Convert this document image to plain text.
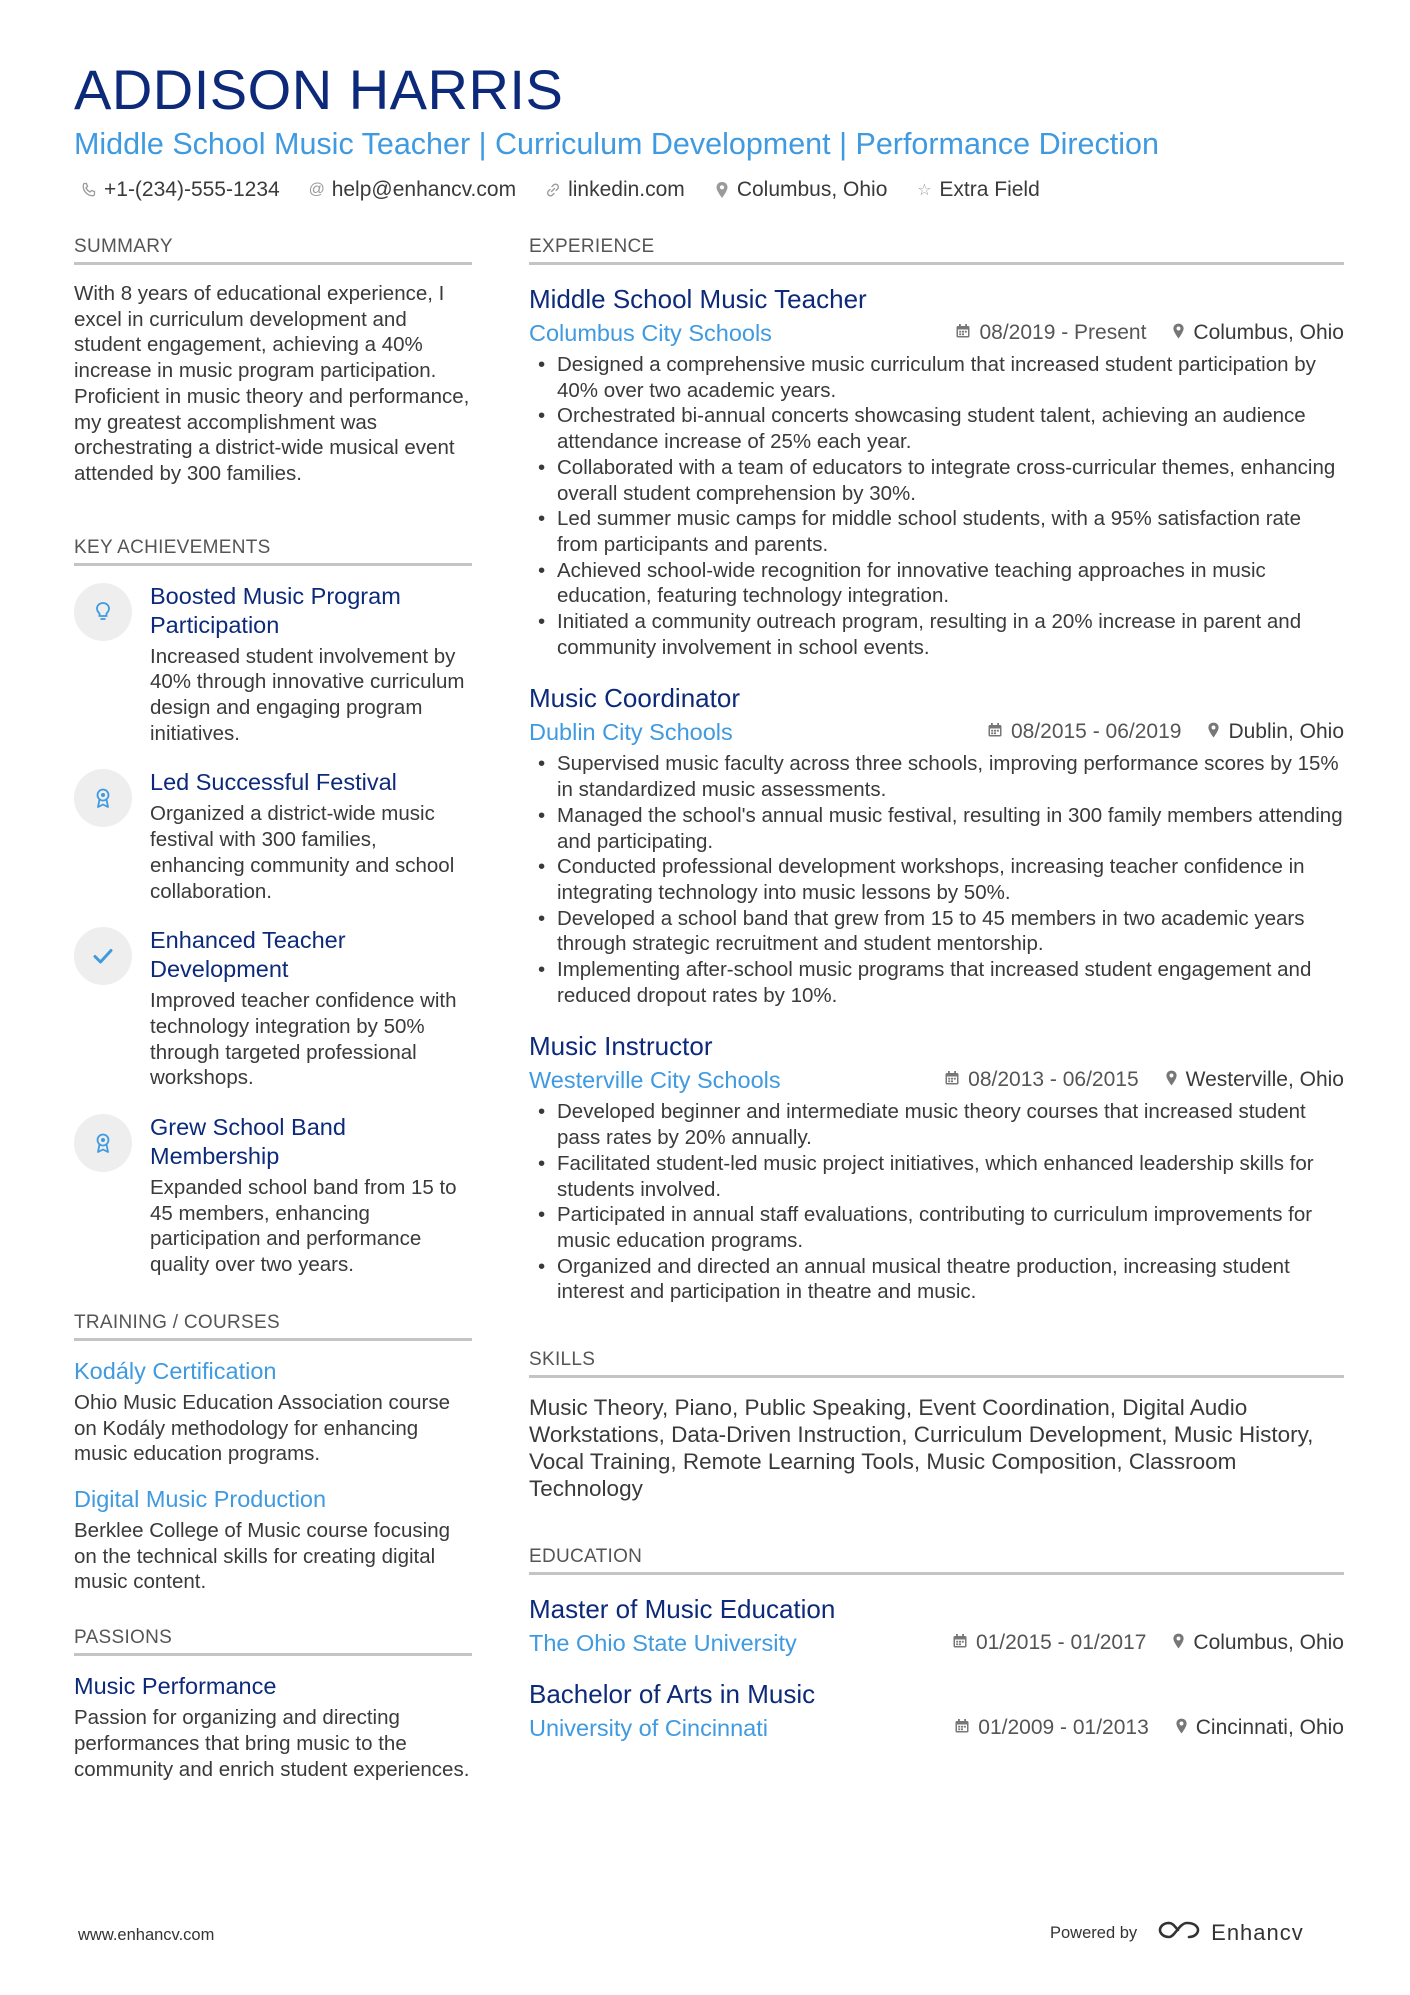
ADDISON HARRIS
Middle School Music Teacher | Curriculum Development | Performance Direction
+1-(234)-555-1234 @ help@enhancv.com linkedin.com Columbus, Ohio ☆ Extra Field
SUMMARY
With 8 years of educational experience, I excel in curriculum development and student engagement, achieving a 40% increase in music program participation. Proficient in music theory and performance, my greatest accomplishment was orchestrating a district-wide musical event attended by 300 families.
KEY ACHIEVEMENTS
Boosted Music Program Participation
Increased student involvement by 40% through innovative curriculum design and engaging program initiatives.
Led Successful Festival
Organized a district-wide music festival with 300 families, enhancing community and school collaboration.
Enhanced Teacher Development
Improved teacher confidence with technology integration by 50% through targeted professional workshops.
Grew School Band Membership
Expanded school band from 15 to 45 members, enhancing participation and performance quality over two years.
TRAINING / COURSES
Kodály Certification
Ohio Music Education Association course on Kodály methodology for enhancing music education programs.
Digital Music Production
Berklee College of Music course focusing on the technical skills for creating digital music content.
PASSIONS
Music Performance
Passion for organizing and directing performances that bring music to the community and enrich student experiences.
EXPERIENCE
Middle School Music Teacher
Columbus City Schools	08/2019 - Present Columbus, Ohio
• Designed a comprehensive music curriculum that increased student participation by 40% over two academic years.
• Orchestrated bi-annual concerts showcasing student talent, achieving an audience attendance increase of 25% each year.
• Collaborated with a team of educators to integrate cross-curricular themes, enhancing overall student comprehension by 30%.
• Led summer music camps for middle school students, with a 95% satisfaction rate from participants and parents.
• Achieved school-wide recognition for innovative teaching approaches in music education, featuring technology integration.
• Initiated a community outreach program, resulting in a 20% increase in parent and community involvement in school events.
Music Coordinator
Dublin City Schools	08/2015 - 06/2019 Dublin, Ohio
• Supervised music faculty across three schools, improving performance scores by 15% in standardized music assessments.
• Managed the school's annual music festival, resulting in 300 family members attending and participating.
• Conducted professional development workshops, increasing teacher confidence in integrating technology into music lessons by 50%.
• Developed a school band that grew from 15 to 45 members in two academic years through strategic recruitment and student mentorship.
• Implementing after-school music programs that increased student engagement and reduced dropout rates by 10%.
Music Instructor
Westerville City Schools	08/2013 - 06/2015 Westerville, Ohio
• Developed beginner and intermediate music theory courses that increased student pass rates by 20% annually.
• Facilitated student-led music project initiatives, which enhanced leadership skills for students involved.
• Participated in annual staff evaluations, contributing to curriculum improvements for music education programs.
• Organized and directed an annual musical theatre production, increasing student interest and participation in theatre and music.
SKILLS
Music Theory, Piano, Public Speaking, Event Coordination, Digital Audio Workstations, Data-Driven Instruction, Curriculum Development, Music History, Vocal Training, Remote Learning Tools, Music Composition, Classroom Technology
EDUCATION
Master of Music Education
The Ohio State University	01/2015 - 01/2017 Columbus, Ohio
Bachelor of Arts in Music
University of Cincinnati	01/2009 - 01/2013 Cincinnati, Ohio
www.enhancv.com	Powered by	Enhancv
